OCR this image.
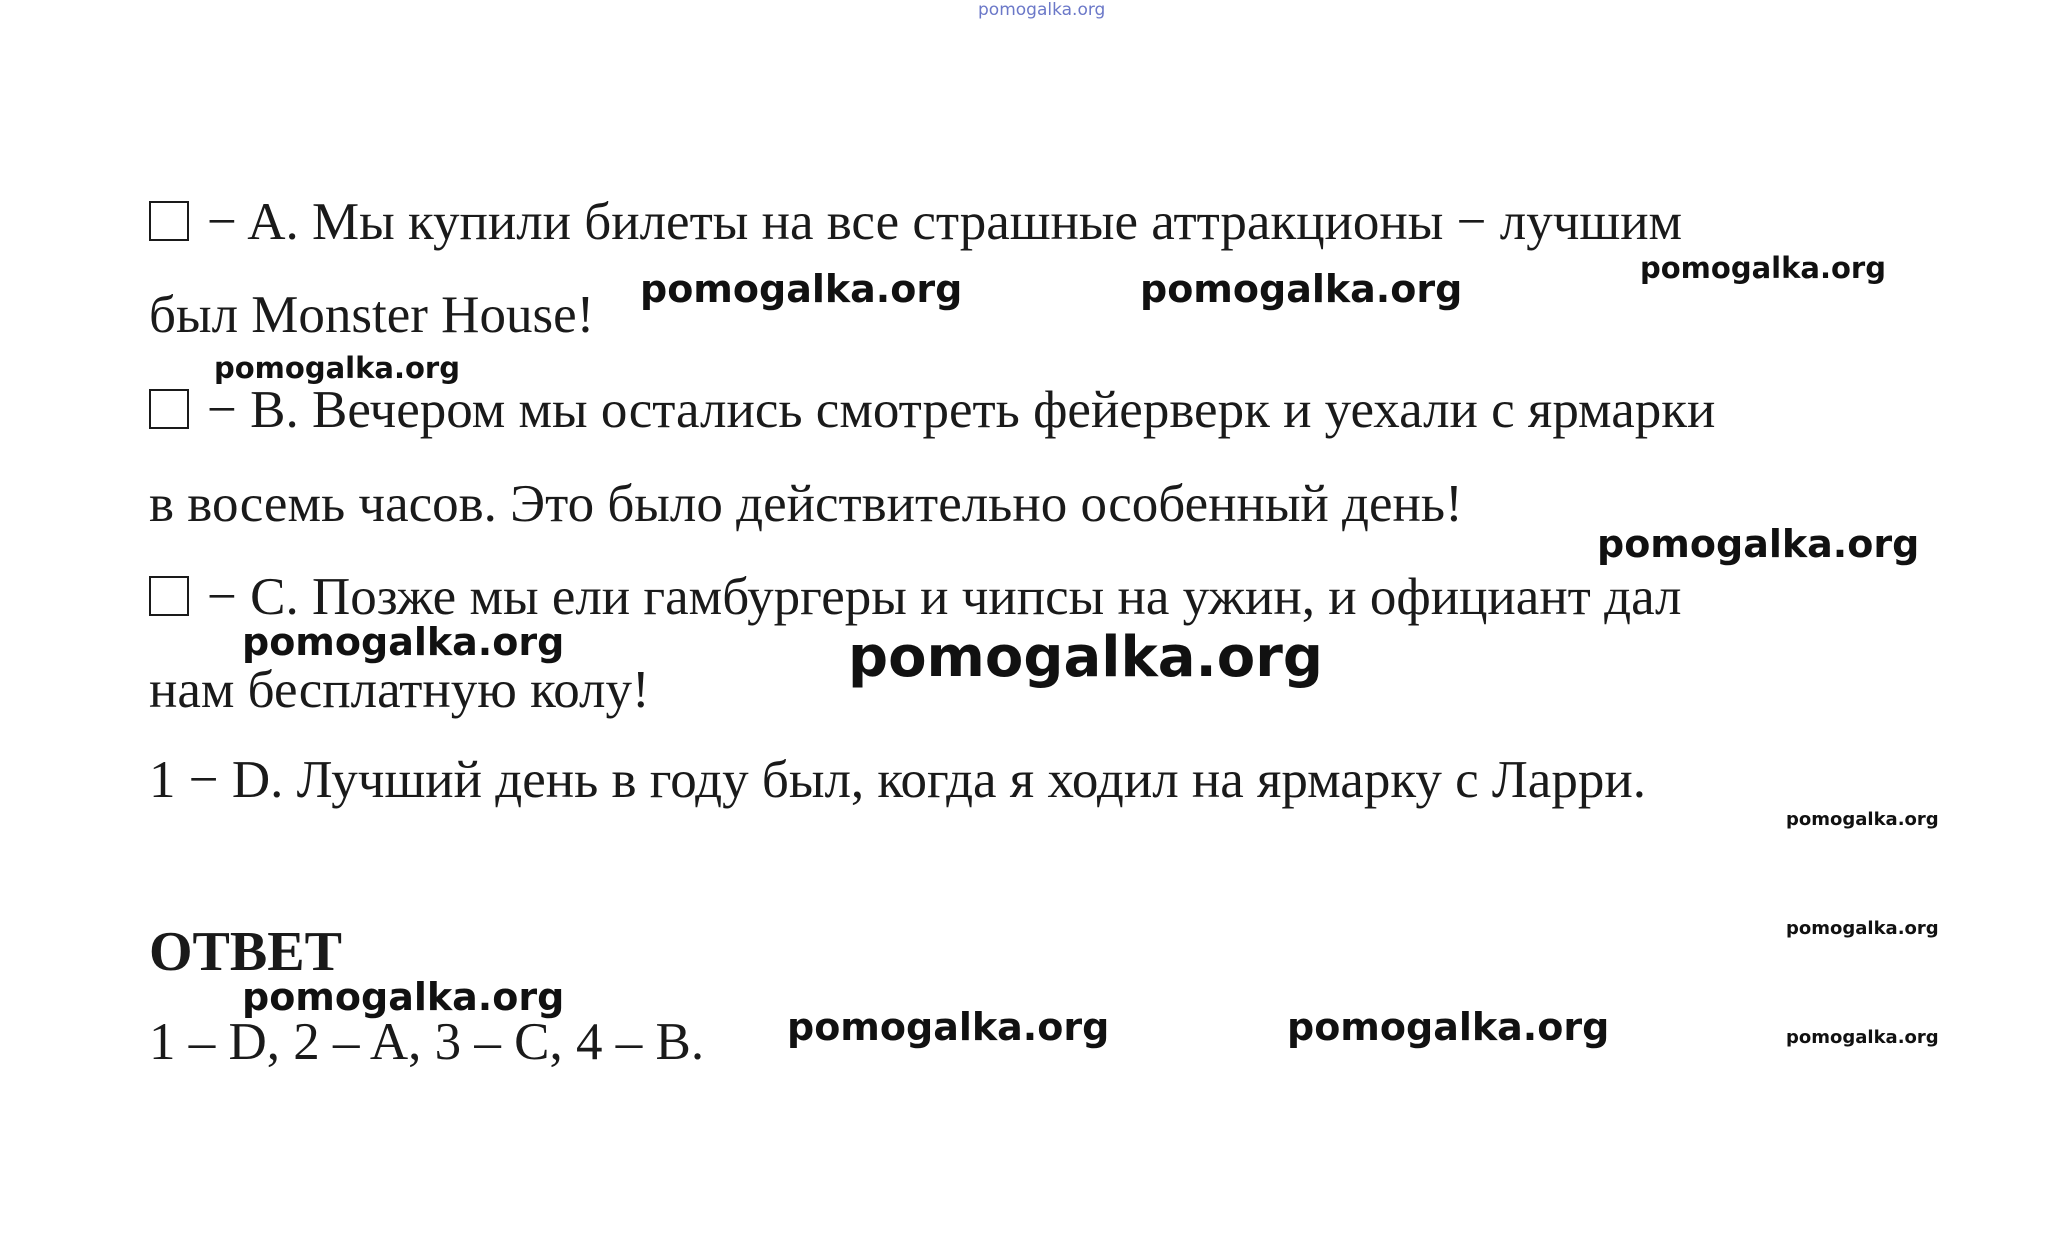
pomogalka.org
− A. Мы купили билеты на все страшные аттракционы − лучшим
был Monster House!
− B. Вечером мы остались смотреть фейерверк и уехали с ярмарки
в восемь часов. Это было действительно особенный день!
− C. Позже мы ели гамбургеры и чипсы на ужин, и официант дал
нам бесплатную колу!
1 − D. Лучший день в году был, когда я ходил на ярмарку с Ларри.
ОТВЕТ
1 – D, 2 – A, 3 – C, 4 – B.
pomogalka.org	pomogalka.org	pomogalka.org
pomogalka.org
pomogalka.org
pomogalka.org	pomogalka.org
pomogalka.org
pomogalka.org
pomogalka.org
pomogalka.org	pomogalka.org	pomogalka.org
